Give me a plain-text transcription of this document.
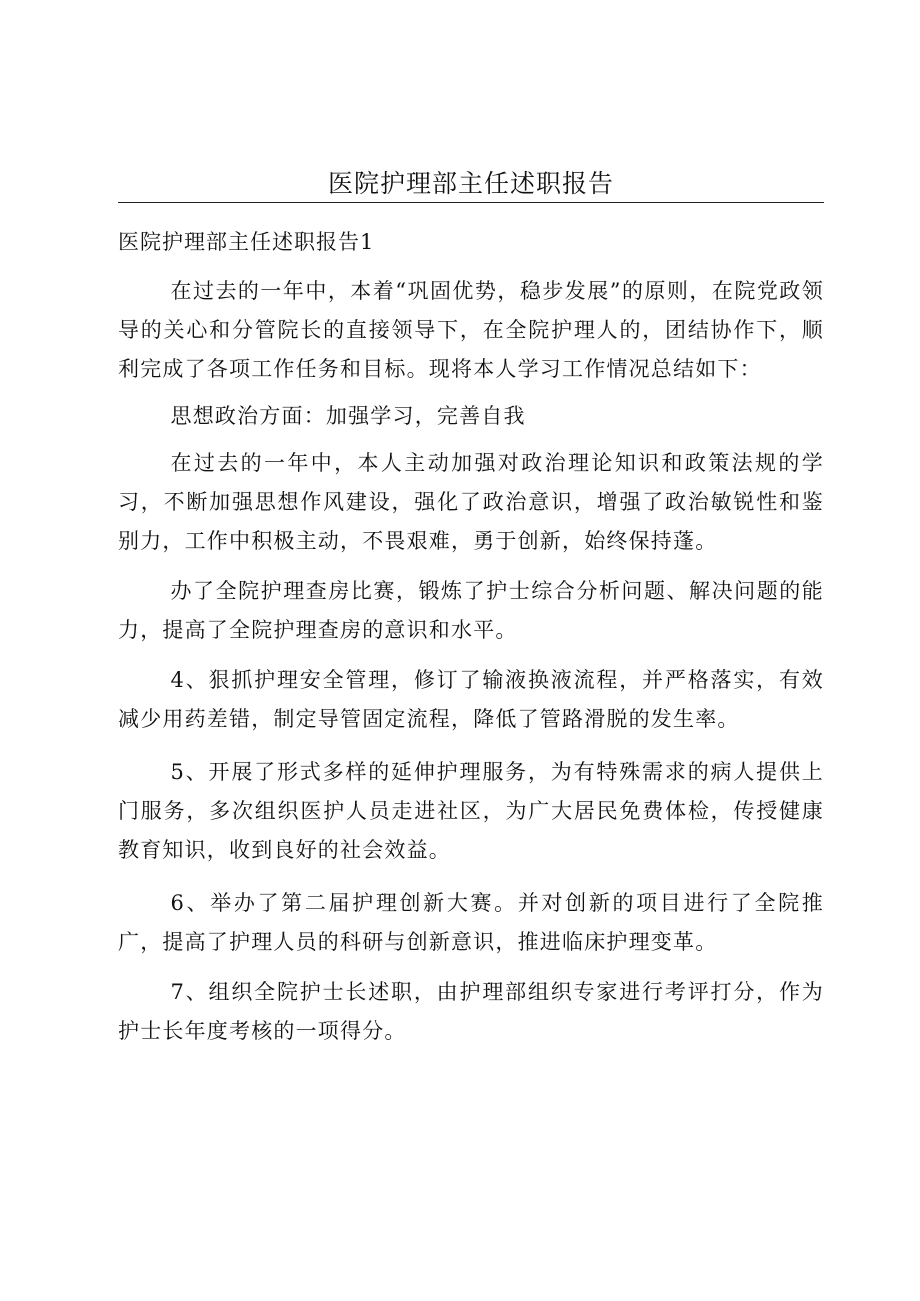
医院护理部主任述职报告

医院护理部主任述职报告1

在过去的一年中，本着“巩固优势，稳步发展”的原则，在院党政领导的关心和分管院长的直接领导下，在全院护理人的，团结协作下，顺利完成了各项工作任务和目标。现将本人学习工作情况总结如下：

思想政治方面：加强学习，完善自我

在过去的一年中，本人主动加强对政治理论知识和政策法规的学习，不断加强思想作风建设，强化了政治意识，增强了政治敏锐性和鉴别力，工作中积极主动，不畏艰难，勇于创新，始终保持蓬。

办了全院护理查房比赛，锻炼了护士综合分析问题、解决问题的能力，提高了全院护理查房的意识和水平。

4、狠抓护理安全管理，修订了输液换液流程，并严格落实，有效减少用药差错，制定导管固定流程，降低了管路滑脱的发生率。

5、开展了形式多样的延伸护理服务，为有特殊需求的病人提供上门服务，多次组织医护人员走进社区，为广大居民免费体检，传授健康教育知识，收到良好的社会效益。

6、举办了第二届护理创新大赛。并对创新的项目进行了全院推广，提高了护理人员的科研与创新意识，推进临床护理变革。

7、组织全院护士长述职，由护理部组织专家进行考评打分，作为护士长年度考核的一项得分。
